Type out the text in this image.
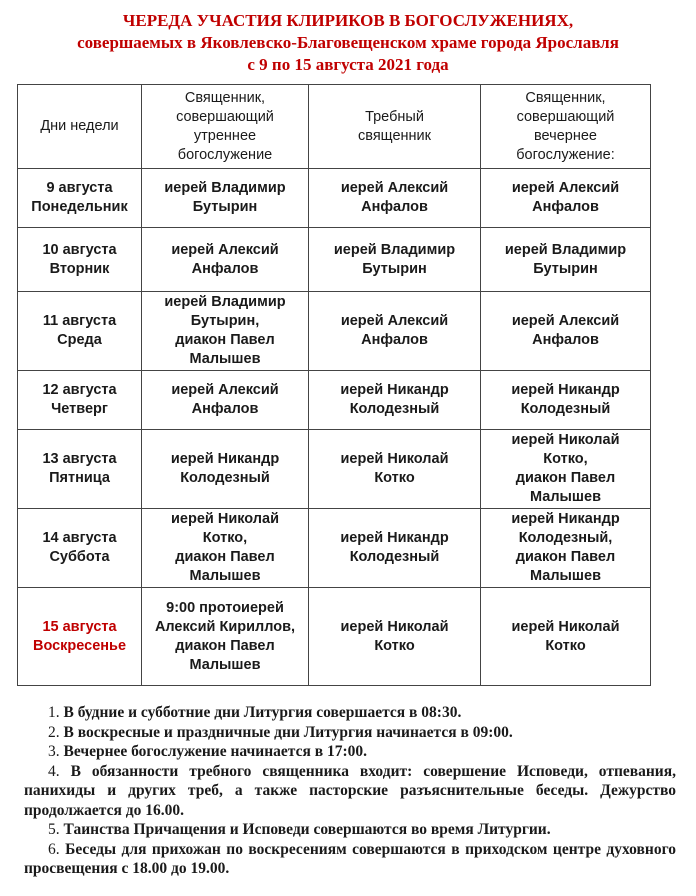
ЧЕРЕДА УЧАСТИЯ КЛИРИКОВ В БОГОСЛУЖЕНИЯХ,

совершаемых в Яковлевско-Благовещенском храме города Ярославля

с 9 по 15 августа 2021 года

Дни недели	Священник,
совершающий
утреннее
богослужение	Требный
священник	Священник,
совершающий
вечернее
богослужение:
9 августа
Понедельник	иерей Владимир
Бутырин	иерей Алексий
Анфалов	иерей Алексий
Анфалов
10 августа
Вторник	иерей Алексий
Анфалов	иерей Владимир
Бутырин	иерей Владимир
Бутырин
11 августа
Среда	иерей Владимир
Бутырин,
диакон Павел
Малышев	иерей Алексий
Анфалов	иерей Алексий
Анфалов
12 августа
Четверг	иерей Алексий
Анфалов	иерей Никандр
Колодезный	иерей Никандр
Колодезный
13 августа
Пятница	иерей Никандр
Колодезный	иерей Николай
Котко	иерей Николай
Котко,
диакон Павел
Малышев
14 августа
Суббота	иерей Николай
Котко,
диакон Павел
Малышев	иерей Никандр
Колодезный	иерей Никандр
Колодезный,
диакон Павел
Малышев
15 августа
Воскресенье	9:00 протоиерей
Алексий Кириллов,
диакон Павел
Малышев	иерей Николай
Котко	иерей Николай
Котко

1. В будние и субботние дни Литургия совершается в 08:30.

2. В воскресные и праздничные дни Литургия начинается в 09:00.

3. Вечернее богослужение начинается в 17:00.

4. В обязанности требного священника входит: совершение Исповеди, отпевания, панихиды и других треб, а также пасторские разъяснительные беседы. Дежурство продолжается до 16.00.

5. Таинства Причащения и Исповеди совершаются во время Литургии.

6. Беседы для прихожан по воскресениям совершаются в приходском центре духовного просвещения с 18.00 до 19.00.
